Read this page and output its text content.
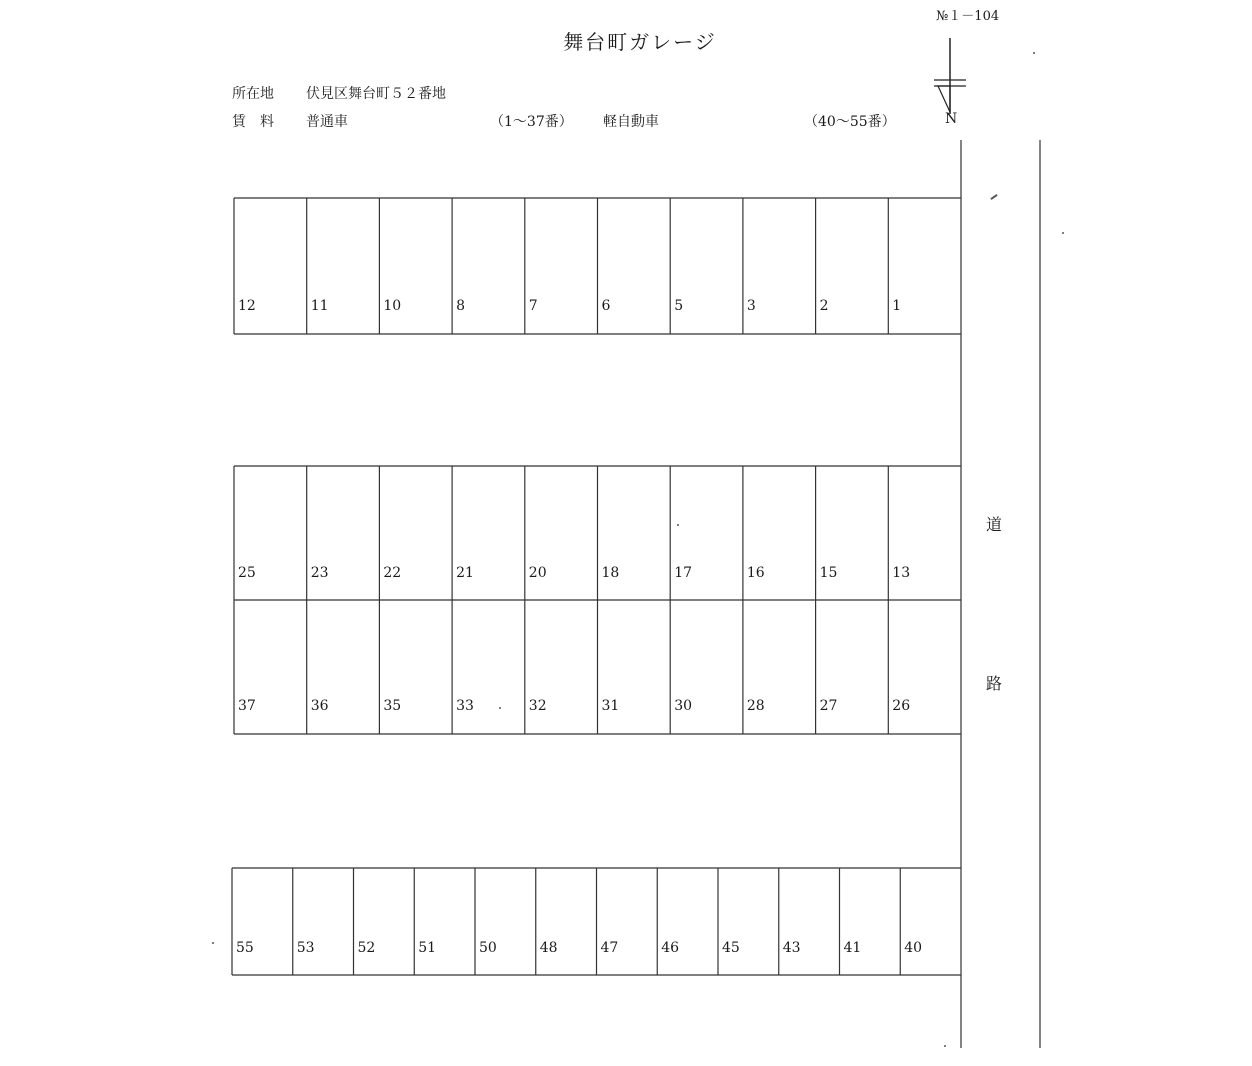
№１－104
舞台町ガレージ
所在地 伏見区舞台町５２番地
賃　料 普通車	（1～37番） 軽自動車	（40～55番）	N
道
路
12	11	10	8	7	6	5	3	2	1
25	23	22	21	20	18	17	16	15	13
37	36	35	33	32	31	30	28	27	26
55	53	52	51	50	48	47	46	45	43	41	40
